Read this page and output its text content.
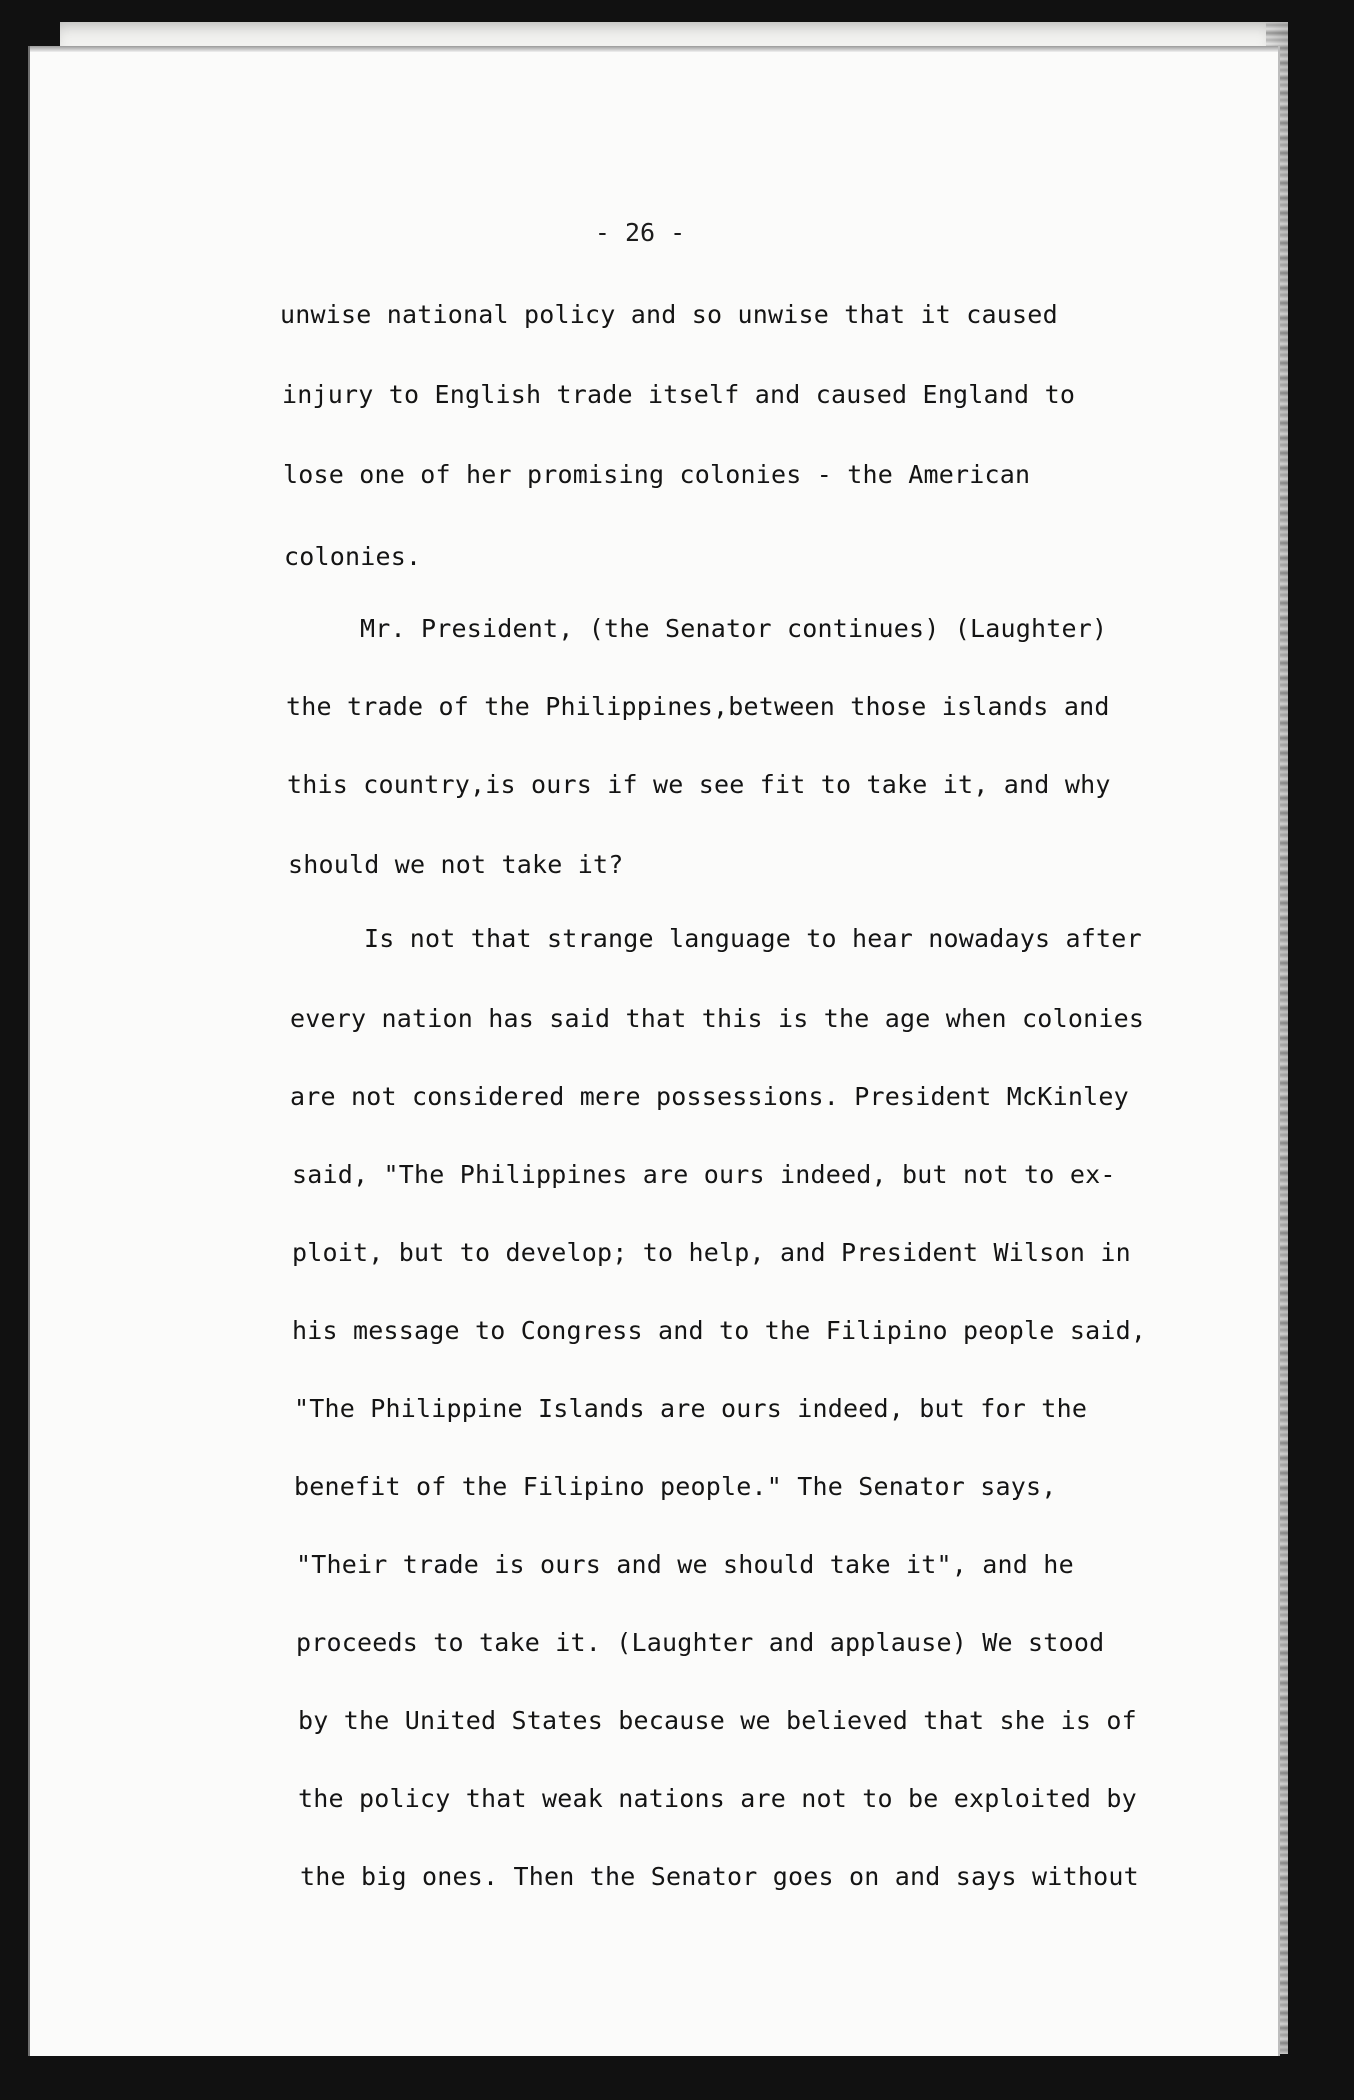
- 26 -
unwise national policy and so unwise that it caused
injury to English trade itself and caused England to
lose one of her promising colonies - the American
colonies.
Mr. President, (the Senator continues) (Laughter)
the trade of the Philippines,between those islands and
this country,is ours if we see fit to take it, and why
should we not take it?
Is not that strange language to hear nowadays after
every nation has said that this is the age when colonies
are not considered mere possessions. President McKinley
said, "The Philippines are ours indeed, but not to ex-
ploit, but to develop; to help, and President Wilson in
his message to Congress and to the Filipino people said,
"The Philippine Islands are ours indeed, but for the
benefit of the Filipino people." The Senator says,
"Their trade is ours and we should take it", and he
proceeds to take it. (Laughter and applause) We stood
by the United States because we believed that she is of
the policy that weak nations are not to be exploited by
the big ones. Then the Senator goes on and says without
